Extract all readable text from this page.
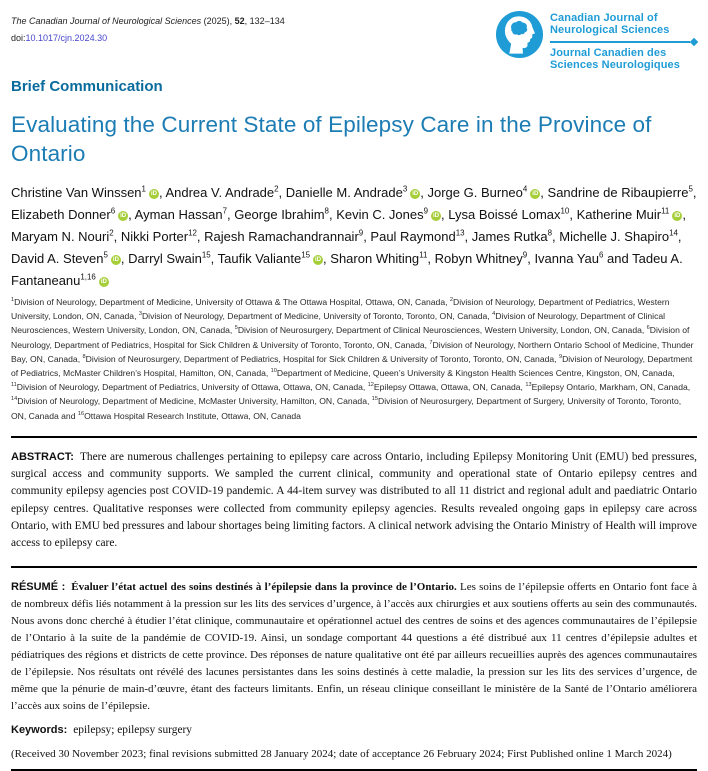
The Canadian Journal of Neurological Sciences (2025), 52, 132–134
doi:10.1017/cjn.2024.30
Canadian Journal of
Neurological Sciences
Journal Canadien des
Sciences Neurologiques
Brief Communication
Evaluating the Current State of Epilepsy Care in the Province of Ontario

Christine Van Winssen$^1$iD , Andrea V. Andrade$^2$, Danielle M. Andrade$^3$iD , Jorge G. Burneo$^4$iD , Sandrine de Ribaupierre$^5$, Elizabeth Donner$^6$iD , Ayman Hassan$^7$, George Ibrahim$^8$, Kevin C. Jones$^9$iD , Lysa Boissé Lomax$^{10}$, Katherine Muir$^{11}$iD , Maryam N. Nouri$^2$, Nikki Porter$^{12}$, Rajesh Ramachandrannair$^9$, Paul Raymond$^{13}$, James Rutka$^8$, Michelle J. Shapiro$^{14}$, David A. Steven$^5$iD , Darryl Swain$^{15}$, Taufik Valiante$^{15}$iD , Sharon Whiting$^{11}$, Robyn Whitney$^9$, Ivanna Yau$^6$ and Tadeu A. Fantaneanu$^{1,16}$iD

$^1$Division of Neurology, Department of Medicine, University of Ottawa & The Ottawa Hospital, Ottawa, ON, Canada, $^2$Division of Neurology, Department of Pediatrics, Western University, London, ON, Canada, $^3$Division of Neurology, Department of Medicine, University of Toronto, Toronto, ON, Canada, $^4$Division of Neurology, Department of Clinical Neurosciences, Western University, London, ON, Canada, $^5$Division of Neurosurgery, Department of Clinical Neurosciences, Western University, London, ON, Canada, $^6$Division of Neurology, Department of Pediatrics, Hospital for Sick Children & University of Toronto, Toronto, ON, Canada, $^7$Division of Neurology, Northern Ontario School of Medicine, Thunder Bay, ON, Canada, $^8$Division of Neurosurgery, Department of Pediatrics, Hospital for Sick Children & University of Toronto, Toronto, ON, Canada, $^9$Division of Neurology, Department of Pediatrics, McMaster Children’s Hospital, Hamilton, ON, Canada, $^{10}$Department of Medicine, Queen’s University & Kingston Health Sciences Centre, Kingston, ON, Canada, $^{11}$Division of Neurology, Department of Pediatrics, University of Ottawa, Ottawa, ON, Canada, $^{12}$Epilepsy Ottawa, Ottawa, ON, Canada, $^{13}$Epilepsy Ontario, Markham, ON, Canada, $^{14}$Division of Neurology, Department of Medicine, McMaster University, Hamilton, ON, Canada, $^{15}$Division of Neurosurgery, Department of Surgery, University of Toronto, Toronto, ON, Canada and $^{16}$Ottawa Hospital Research Institute, Ottawa, ON, Canada

ABSTRACT: There are numerous challenges pertaining to epilepsy care across Ontario, including Epilepsy Monitoring Unit (EMU) bed pressures, surgical access and community supports. We sampled the current clinical, community and operational state of Ontario epilepsy centres and community epilepsy agencies post COVID-19 pandemic. A 44-item survey was distributed to all 11 district and regional adult and paediatric Ontario epilepsy centres. Qualitative responses were collected from community epilepsy agencies. Results revealed ongoing gaps in epilepsy care across Ontario, with EMU bed pressures and labour shortages being limiting factors. A clinical network advising the Ontario Ministry of Health will improve access to epilepsy care.

RÉSUMÉ : Évaluer l’état actuel des soins destinés à l’épilepsie dans la province de l’Ontario. Les soins de l’épilepsie offerts en Ontario font face à de nombreux défis liés notamment à la pression sur les lits des services d’urgence, à l’accès aux chirurgies et aux soutiens offerts au sein des communautés. Nous avons donc cherché à étudier l’état clinique, communautaire et opérationnel actuel des centres de soins et des agences communautaires de l’épilepsie de l’Ontario à la suite de la pandémie de COVID-19. Ainsi, un sondage comportant 44 questions a été distribué aux 11 centres d’épilepsie adultes et pédiatriques des régions et districts de cette province. Des réponses de nature qualitative ont été par ailleurs recueillies auprès des agences communautaires de l’épilepsie. Nos résultats ont révélé des lacunes persistantes dans les soins destinés à cette maladie, la pression sur les lits des services d’urgence, de même que la pénurie de main-d’œuvre, étant des facteurs limitants. Enfin, un réseau clinique conseillant le ministère de la Santé de l’Ontario améliorera l’accès aux soins de l’épilepsie.

Keywords: epilepsy; epilepsy surgery

(Received 30 November 2023; final revisions submitted 28 January 2024; date of acceptance 26 February 2024; First Published online 1 March 2024)
